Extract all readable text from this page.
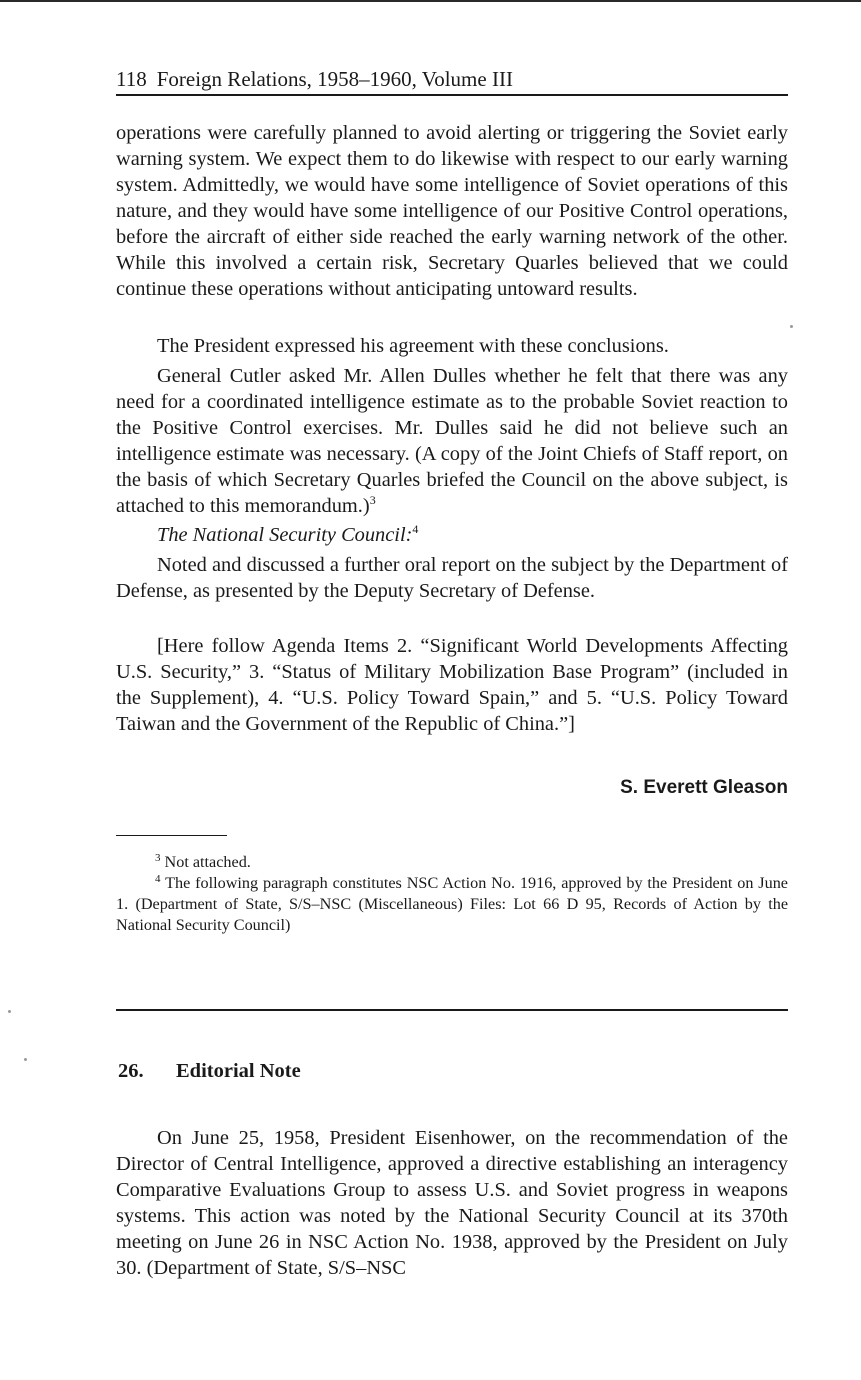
118 Foreign Relations, 1958–1960, Volume III

operations were carefully planned to avoid alerting or triggering the Soviet early warning system. We expect them to do likewise with respect to our early warning system. Admittedly, we would have some intelligence of Soviet operations of this nature, and they would have some intelligence of our Positive Control operations, before the aircraft of either side reached the early warning network of the other. While this involved a certain risk, Secretary Quarles believed that we could continue these operations without anticipating untoward results.

The President expressed his agreement with these conclusions.

General Cutler asked Mr. Allen Dulles whether he felt that there was any need for a coordinated intelligence estimate as to the probable Soviet reaction to the Positive Control exercises. Mr. Dulles said he did not believe such an intelligence estimate was necessary. (A copy of the Joint Chiefs of Staff report, on the basis of which Secretary Quarles briefed the Council on the above subject, is attached to this memorandum.)$^3$

The National Security Council:$^4$

Noted and discussed a further oral report on the subject by the Department of Defense, as presented by the Deputy Secretary of Defense.

[Here follow Agenda Items 2. “Significant World Developments Affecting U.S. Security,” 3. “Status of Military Mobilization Base Program” (included in the Supplement), 4. “U.S. Policy Toward Spain,” and 5. “U.S. Policy Toward Taiwan and the Government of the Republic of China.”]

S. Everett Gleason

$^3$ Not attached.

$^4$ The following paragraph constitutes NSC Action No. 1916, approved by the President on June 1. (Department of State, S/S–NSC (Miscellaneous) Files: Lot 66 D 95, Records of Action by the National Security Council)

26. Editorial Note

On June 25, 1958, President Eisenhower, on the recommendation of the Director of Central Intelligence, approved a directive establishing an interagency Comparative Evaluations Group to assess U.S. and Soviet progress in weapons systems. This action was noted by the National Security Council at its 370th meeting on June 26 in NSC Action No. 1938, approved by the President on July 30. (Department of State, S/S–NSC
